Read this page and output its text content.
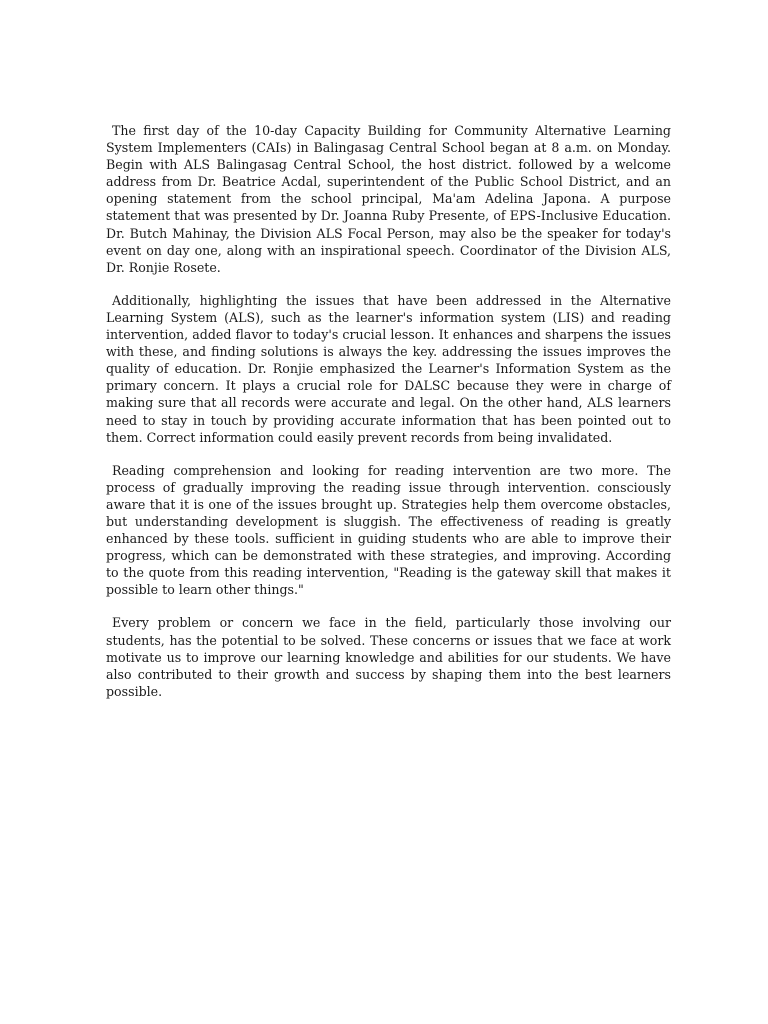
The first day of the 10-day Capacity Building for Community Alternative Learning System Implementers (CAIs) in Balingasag Central School began at 8 a.m. on Monday. Begin with ALS Balingasag Central School, the host district. followed by a welcome address from Dr. Beatrice Acdal, superintendent of the Public School District, and an opening statement from the school principal, Ma'am Adelina Japona. A purpose statement that was presented by Dr. Joanna Ruby Presente, of EPS-Inclusive Education. Dr. Butch Mahinay, the Division ALS Focal Person, may also be the speaker for today's event on day one, along with an inspirational speech. Coordinator of the Division ALS, Dr. Ronjie Rosete.

Additionally, highlighting the issues that have been addressed in the Alternative Learning System (ALS), such as the learner's information system (LIS) and reading intervention, added flavor to today's crucial lesson. It enhances and sharpens the issues with these, and finding solutions is always the key. addressing the issues improves the quality of education. Dr. Ronjie emphasized the Learner's Information System as the primary concern. It plays a crucial role for DALSC because they were in charge of making sure that all records were accurate and legal. On the other hand, ALS learners need to stay in touch by providing accurate information that has been pointed out to them. Correct information could easily prevent records from being invalidated.

Reading comprehension and looking for reading intervention are two more. The process of gradually improving the reading issue through intervention. consciously aware that it is one of the issues brought up. Strategies help them overcome obstacles, but understanding development is sluggish. The effectiveness of reading is greatly enhanced by these tools. sufficient in guiding students who are able to improve their progress, which can be demonstrated with these strategies, and improving. According to the quote from this reading intervention, "Reading is the gateway skill that makes it possible to learn other things."

Every problem or concern we face in the field, particularly those involving our students, has the potential to be solved. These concerns or issues that we face at work motivate us to improve our learning knowledge and abilities for our students. We have also contributed to their growth and success by shaping them into the best learners possible.
